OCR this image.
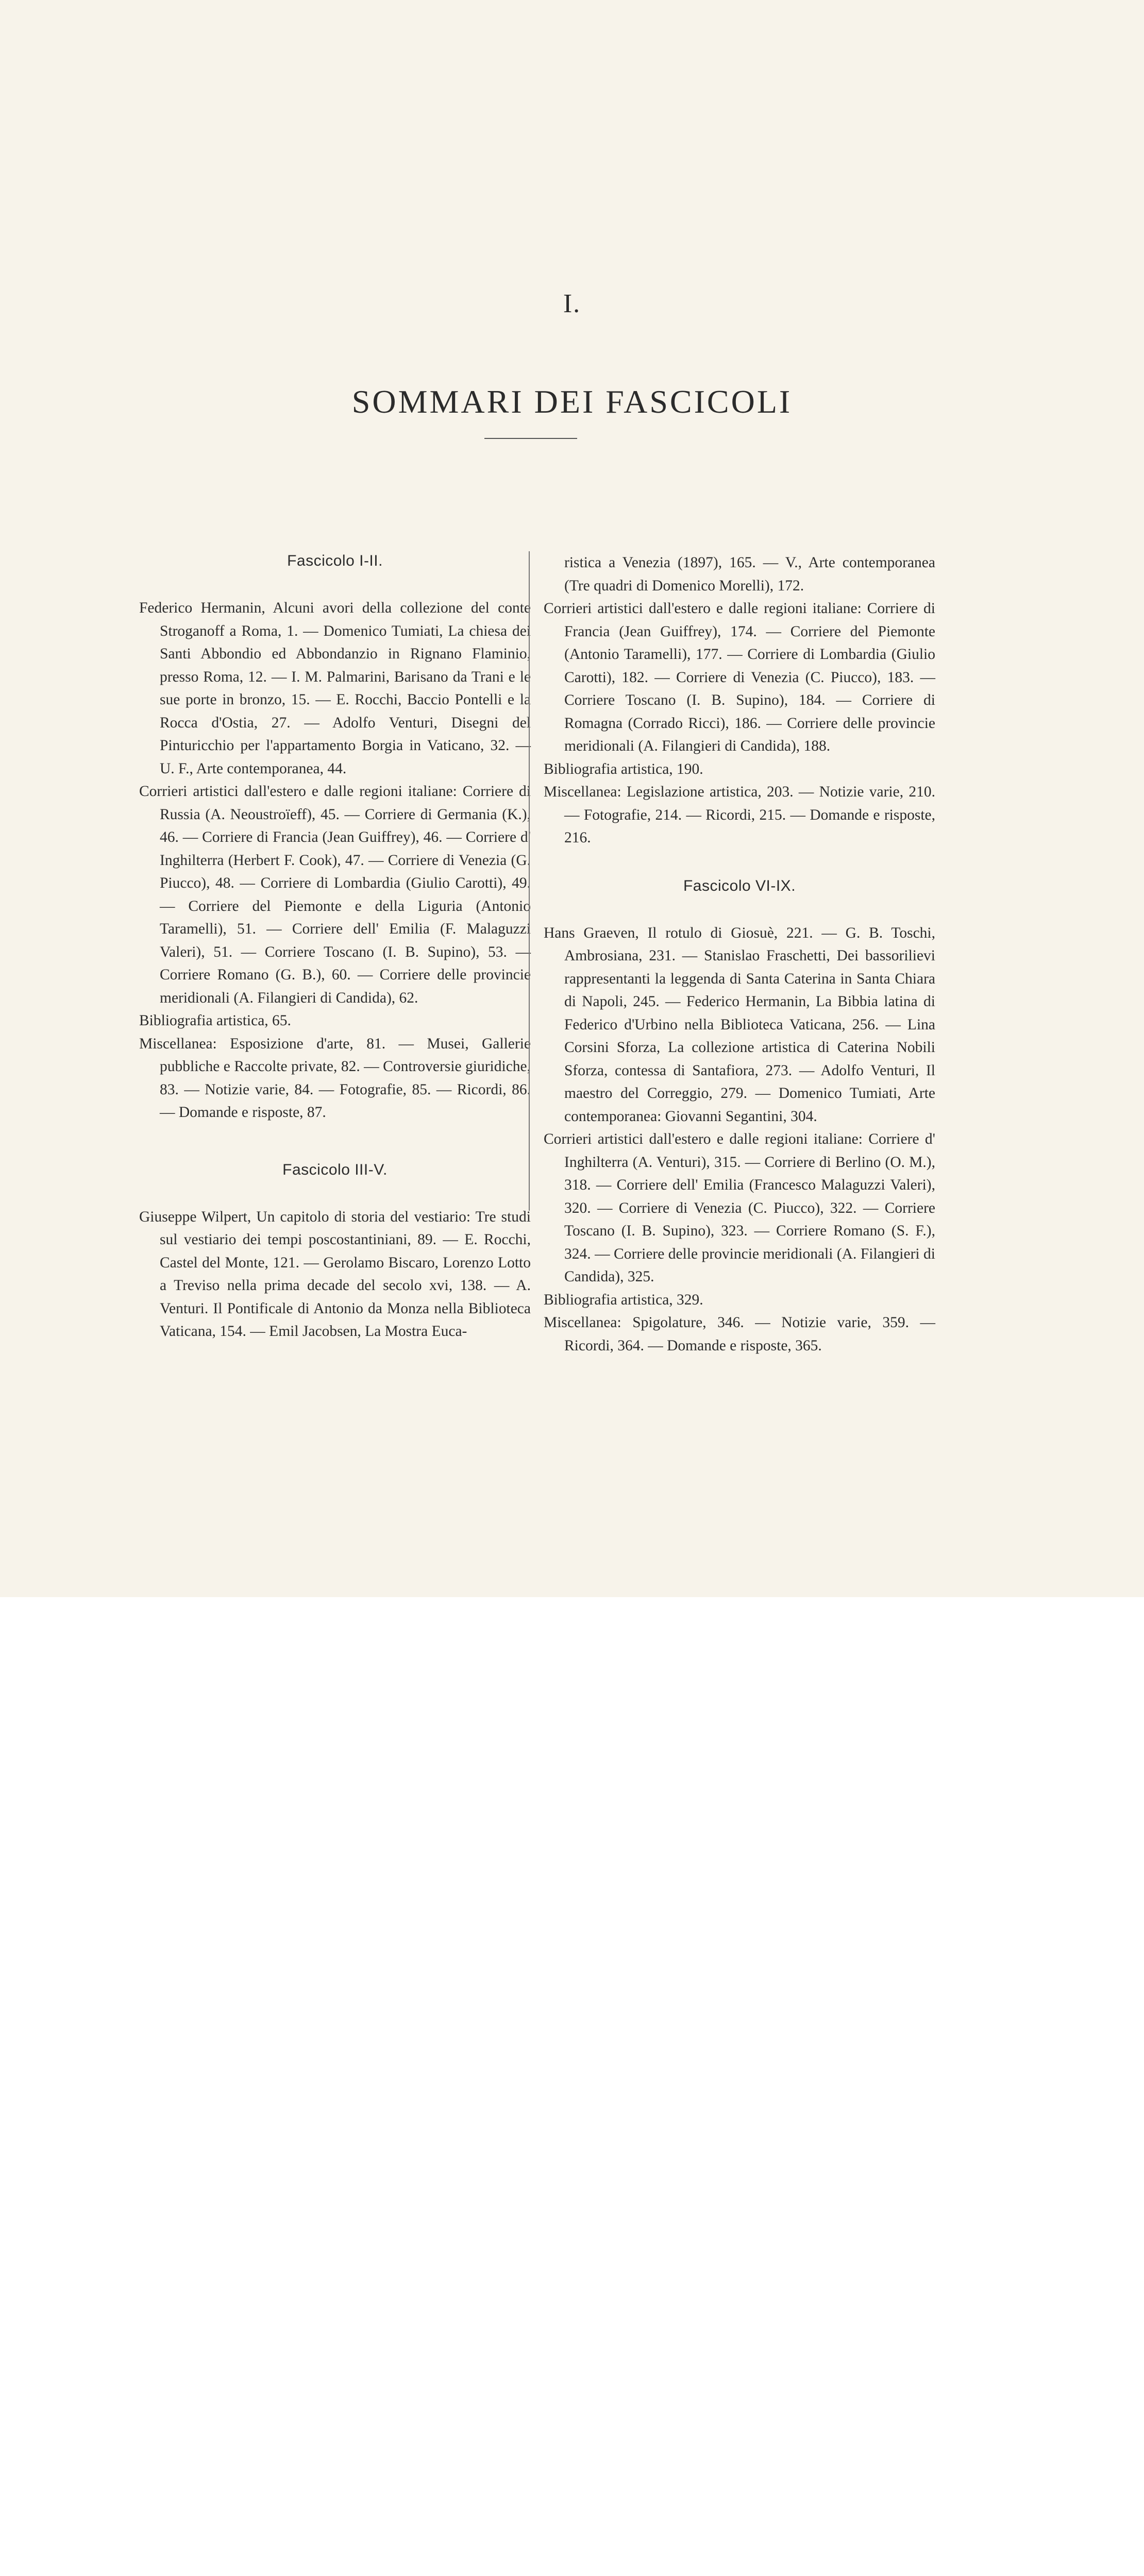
I.
SOMMARI DEI FASCICOLI
Fascicolo I-II.

Federico Hermanin, Alcuni avori della collezione del conte Stroganoff a Roma, 1. — Domenico Tumiati, La chiesa dei Santi Abbondio ed Abbondanzio in Rignano Flaminio, presso Roma, 12. — I. M. Palmarini, Barisano da Trani e le sue porte in bronzo, 15. — E. Rocchi, Baccio Pontelli e la Rocca d'Ostia, 27. — Adolfo Venturi, Disegni del Pinturicchio per l'appartamento Borgia in Vaticano, 32. — U. F., Arte contemporanea, 44.

Corrieri artistici dall'estero e dalle regioni italiane: Corriere di Russia (A. Neoustroïeff), 45. — Corriere di Germania (K.), 46. — Corriere di Francia (Jean Guiffrey), 46. — Corriere d' Inghilterra (Herbert F. Cook), 47. — Corriere di Venezia (G. Piucco), 48. — Corriere di Lombardia (Giulio Carotti), 49. — Corriere del Piemonte e della Liguria (Antonio Taramelli), 51. — Corriere dell' Emilia (F. Malaguzzi Valeri), 51. — Corriere Toscano (I. B. Supino), 53. — Corriere Romano (G. B.), 60. — Corriere delle provincie meridionali (A. Filangieri di Candida), 62.

Bibliografia artistica, 65.

Miscellanea: Esposizione d'arte, 81. — Musei, Gallerie pubbliche e Raccolte private, 82. — Controversie giuridiche, 83. — Notizie varie, 84. — Fotografie, 85. — Ricordi, 86. — Domande e risposte, 87.

Fascicolo III-V.

Giuseppe Wilpert, Un capitolo di storia del vestiario: Tre studi sul vestiario dei tempi poscostantiniani, 89. — E. Rocchi, Castel del Monte, 121. — Gerolamo Biscaro, Lorenzo Lotto a Treviso nella prima decade del secolo xvi, 138. — A. Venturi. Il Pontificale di Antonio da Monza nella Biblioteca Vaticana, 154. — Emil Jacobsen, La Mostra Euca-

ristica a Venezia (1897), 165. — V., Arte contemporanea (Tre quadri di Domenico Morelli), 172.

Corrieri artistici dall'estero e dalle regioni italiane: Corriere di Francia (Jean Guiffrey), 174. — Corriere del Piemonte (Antonio Taramelli), 177. — Corriere di Lombardia (Giulio Carotti), 182. — Corriere di Venezia (C. Piucco), 183. — Corriere Toscano (I. B. Supino), 184. — Corriere di Romagna (Corrado Ricci), 186. — Corriere delle provincie meridionali (A. Filangieri di Candida), 188.

Bibliografia artistica, 190.

Miscellanea: Legislazione artistica, 203. — Notizie varie, 210. — Fotografie, 214. — Ricordi, 215. — Domande e risposte, 216.

Fascicolo VI-IX.

Hans Graeven, Il rotulo di Giosuè, 221. — G. B. Toschi, Ambrosiana, 231. — Stanislao Fraschetti, Dei bassorilievi rappresentanti la leggenda di Santa Caterina in Santa Chiara di Napoli, 245. — Federico Hermanin, La Bibbia latina di Federico d'Urbino nella Biblioteca Vaticana, 256. — Lina Corsini Sforza, La collezione artistica di Caterina Nobili Sforza, contessa di Santafiora, 273. — Adolfo Venturi, Il maestro del Correggio, 279. — Domenico Tumiati, Arte contemporanea: Giovanni Segantini, 304.

Corrieri artistici dall'estero e dalle regioni italiane: Corriere d' Inghilterra (A. Venturi), 315. — Corriere di Berlino (O. M.), 318. — Corriere dell' Emilia (Francesco Malaguzzi Valeri), 320. — Corriere di Venezia (C. Piucco), 322. — Corriere Toscano (I. B. Supino), 323. — Corriere Romano (S. F.), 324. — Corriere delle provincie meridionali (A. Filangieri di Candida), 325.

Bibliografia artistica, 329.

Miscellanea: Spigolature, 346. — Notizie varie, 359. — Ricordi, 364. — Domande e risposte, 365.
